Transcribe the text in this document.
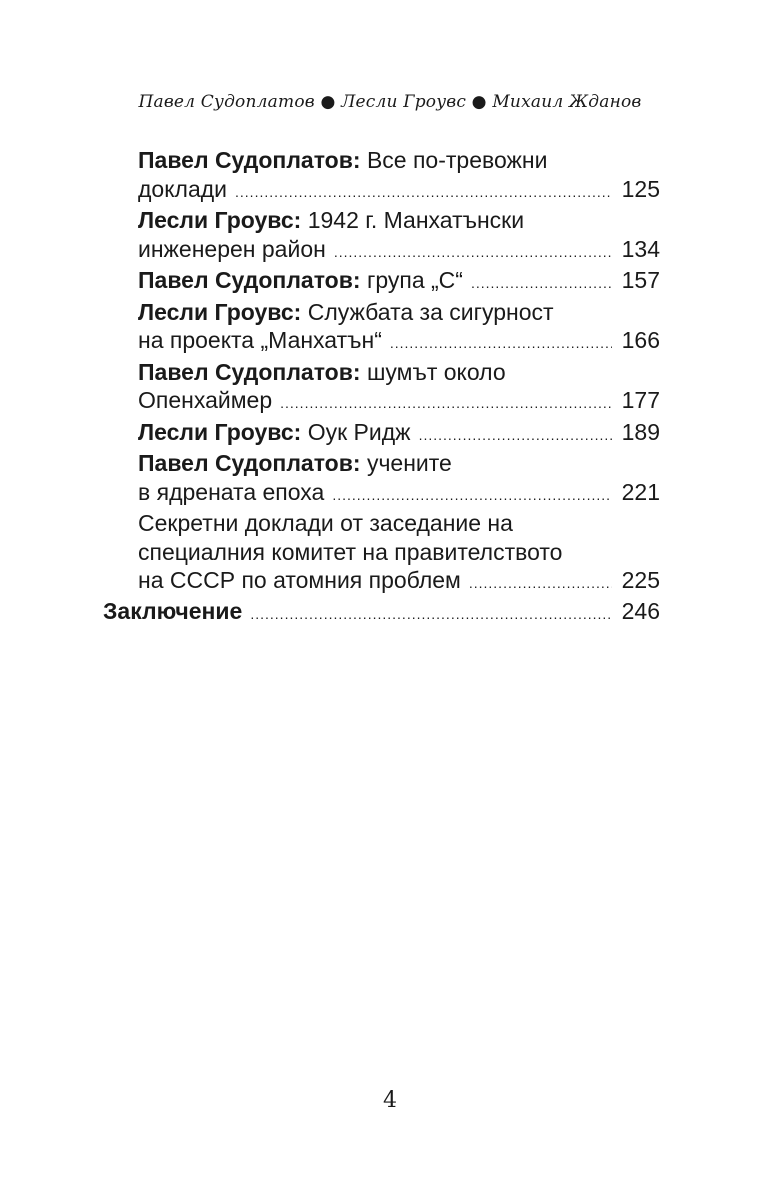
Павел Судоплатов ● Лесли Гроувс ● Михаил Жданов
Павел Судоплатов: Все по-тревожни
доклади .....	125
Лесли Гроувс: 1942 г. Манхатънски
инженерен район .....	134
Павел Судоплатов:
група „С“ .....	157
Лесли Гроувс: Службата за сигурност
на проекта „Манхатън“ .....	166
Павел Судоплатов: шумът около
Опенхаймер .....	177
Лесли Гроувс:
Оук Ридж .....	189
Павел Судоплатов: учените
в ядрената епоха .....	221
Секретни доклади от заседание на
специалния комитет на правителството
на СССР по атомния проблем .....	225
Заключение .....	246
4
